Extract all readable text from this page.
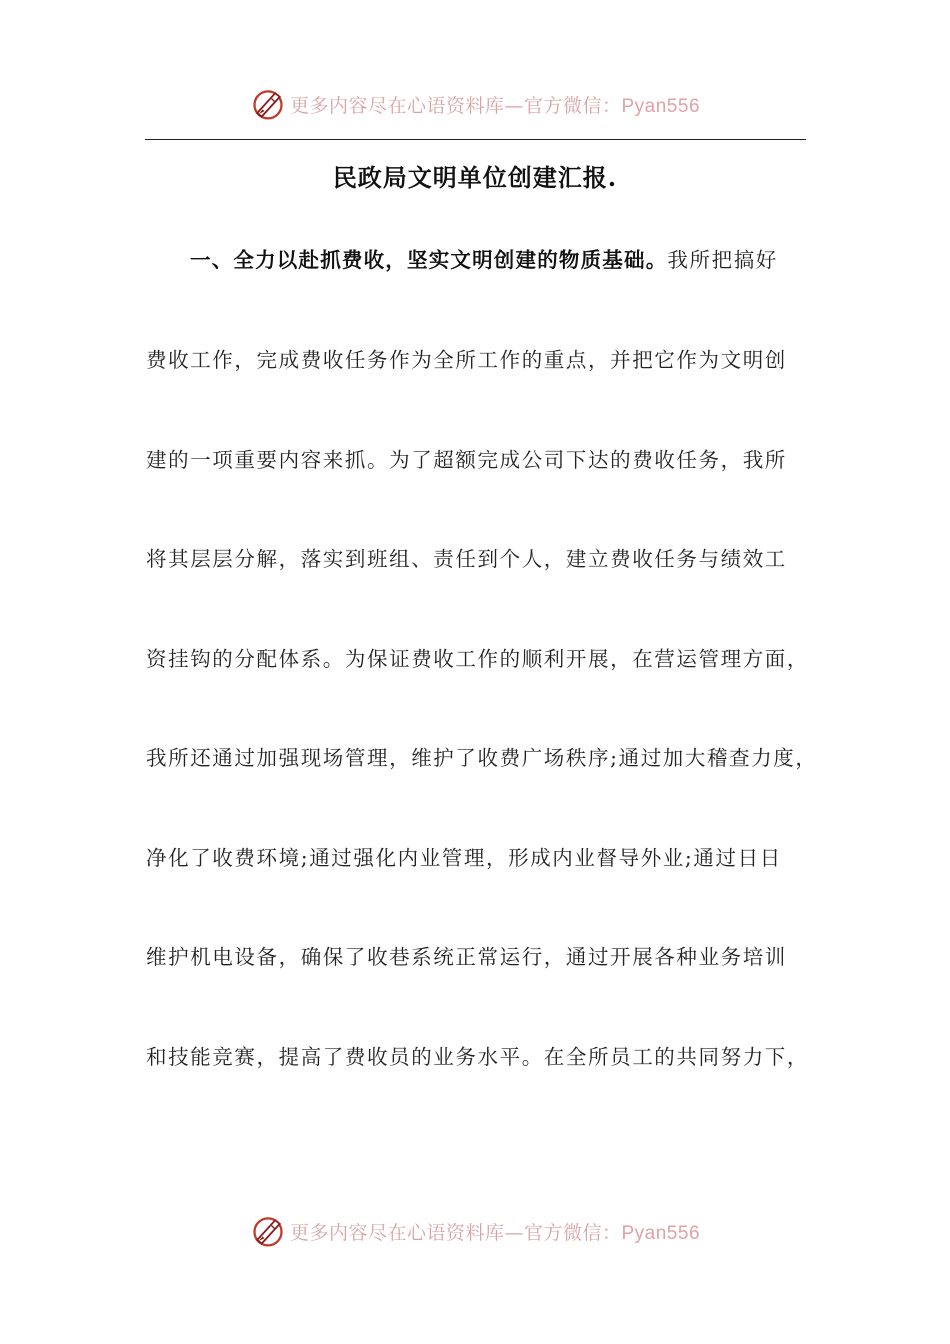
更多内容尽在心语资料库—官方微信：Pyan556
民政局文明单位创建汇报.
一、全力以赴抓费收，坚实文明创建的物质基础。我所把搞好
费收工作，完成费收任务作为全所工作的重点，并把它作为文明创
建的一项重要内容来抓。为了超额完成公司下达的费收任务，我所
将其层层分解，落实到班组、责任到个人，建立费收任务与绩效工
资挂钩的分配体系。为保证费收工作的顺利开展，在营运管理方面，
我所还通过加强现场管理，维护了收费广场秩序;通过加大稽查力度，
净化了收费环境;通过强化内业管理，形成内业督导外业;通过日日
维护机电设备，确保了收巷系统正常运行，通过开展各种业务培训
和技能竞赛，提高了费收员的业务水平。在全所员工的共同努力下，
更多内容尽在心语资料库—官方微信：Pyan556
